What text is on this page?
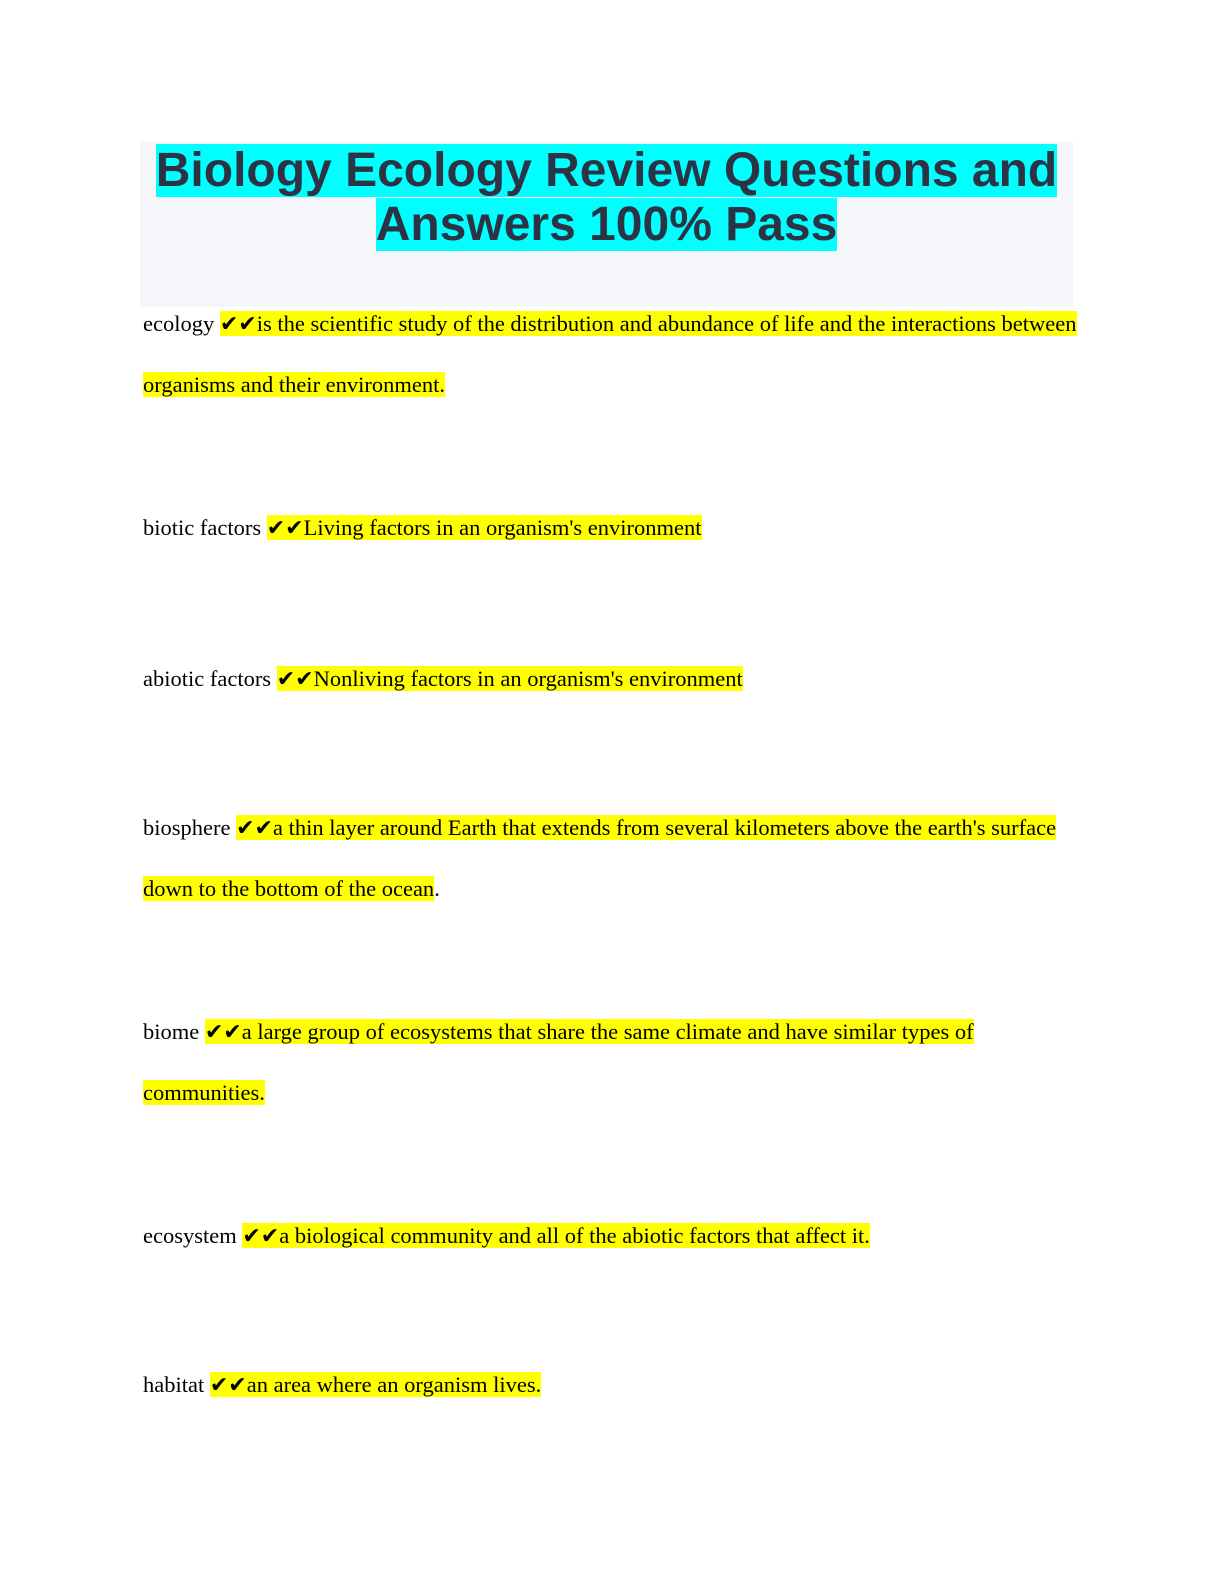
Biology Ecology Review Questions and
Answers 100% Pass

ecology ✔✔is the scientific study of the distribution and abundance of life and the interactions between organisms and their environment.

biotic factors ✔✔Living factors in an organism's environment

abiotic factors ✔✔Nonliving factors in an organism's environment

biosphere ✔✔a thin layer around Earth that extends from several kilometers above the earth's surface down to the bottom of the ocean.

biome ✔✔a large group of ecosystems that share the same climate and have similar types of communities.

ecosystem ✔✔a biological community and all of the abiotic factors that affect it.

habitat ✔✔an area where an organism lives.
